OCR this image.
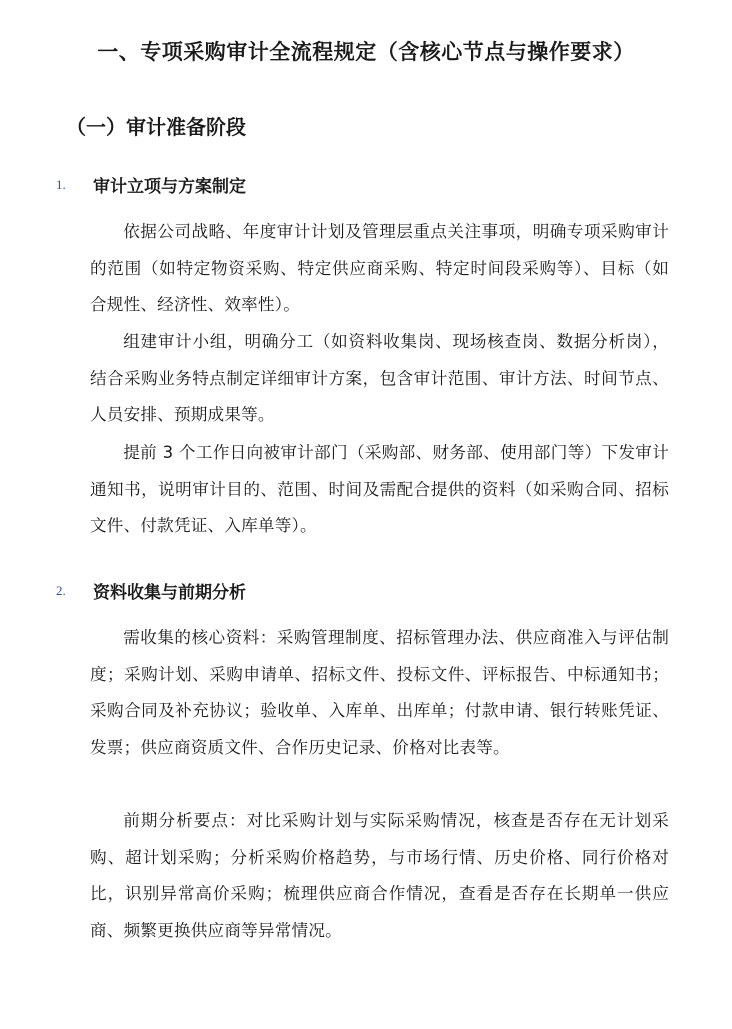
一、专项采购审计全流程规定（含核心节点与操作要求）
（一）审计准备阶段
1. 审计立项与方案制定

依据公司战略、年度审计计划及管理层重点关注事项，明确专项采购审计的范围（如特定物资采购、特定供应商采购、特定时间段采购等）、目标（如合规性、经济性、效率性）。

组建审计小组，明确分工（如资料收集岗、现场核查岗、数据分析岗），结合采购业务特点制定详细审计方案，包含审计范围、审计方法、时间节点、人员安排、预期成果等。

提前 3 个工作日向被审计部门（采购部、财务部、使用部门等）下发审计通知书，说明审计目的、范围、时间及需配合提供的资料（如采购合同、招标文件、付款凭证、入库单等）。

2. 资料收集与前期分析

需收集的核心资料：采购管理制度、招标管理办法、供应商准入与评估制度；采购计划、采购申请单、招标文件、投标文件、评标报告、中标通知书；采购合同及补充协议；验收单、入库单、出库单；付款申请、银行转账凭证、发票；供应商资质文件、合作历史记录、价格对比表等。

前期分析要点：对比采购计划与实际采购情况，核查是否存在无计划采购、超计划采购；分析采购价格趋势，与市场行情、历史价格、同行价格对比，识别异常高价采购；梳理供应商合作情况，查看是否存在长期单一供应商、频繁更换供应商等异常情况。
